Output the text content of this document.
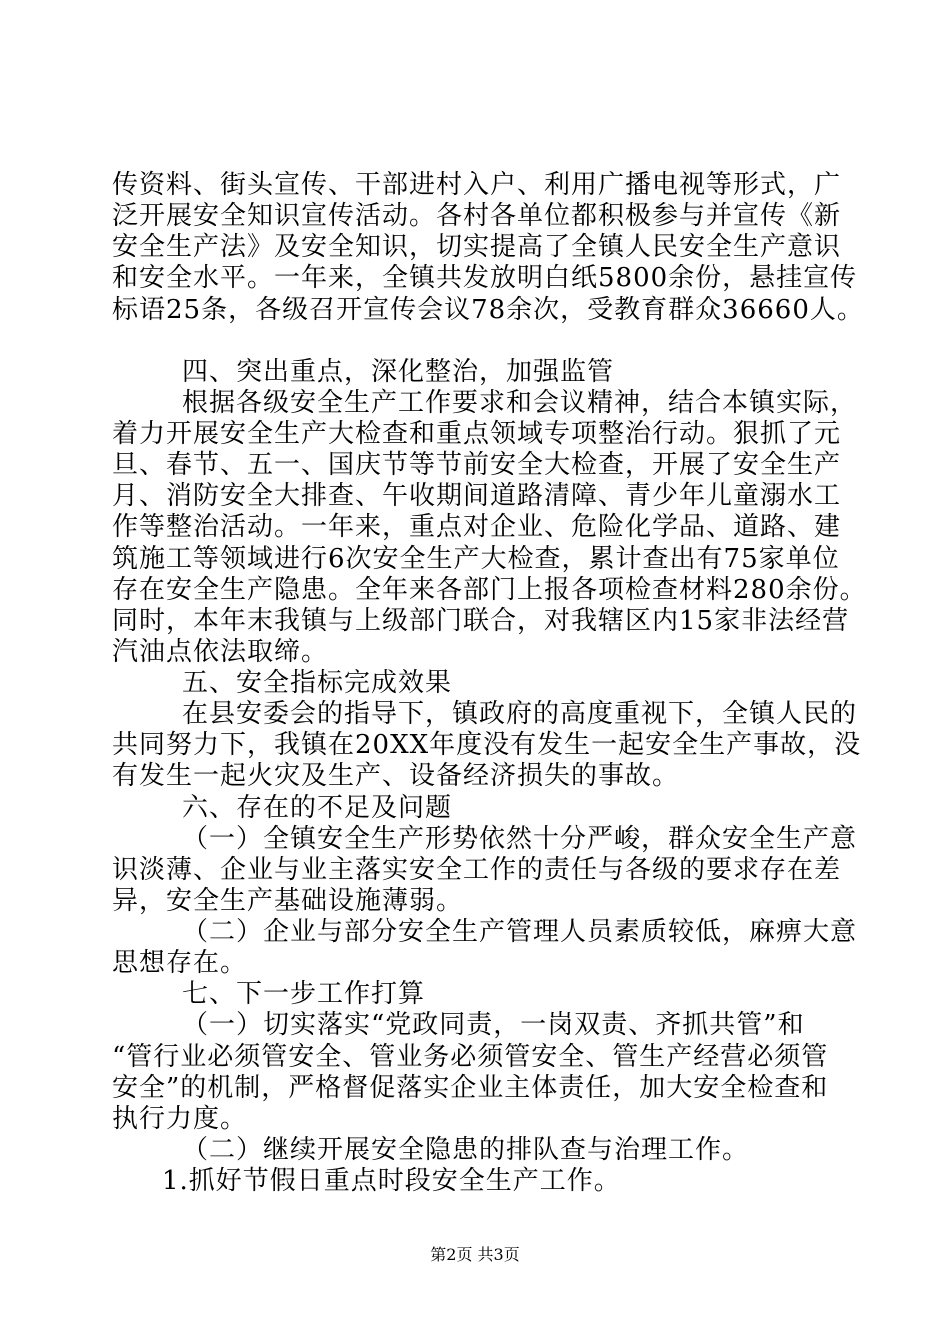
传资料、街头宣传、干部进村入户、利用广播电视等形式，广
泛开展安全知识宣传活动。各村各单位都积极参与并宣传《新
安全生产法》及安全知识，切实提高了全镇人民安全生产意识
和安全水平。一年来，全镇共发放明白纸5800余份，悬挂宣传
标语25条，各级召开宣传会议78余次，受教育群众36660人。
四、突出重点，深化整治，加强监管
根据各级安全生产工作要求和会议精神，结合本镇实际，
着力开展安全生产大检查和重点领域专项整治行动。狠抓了元
旦、春节、五一、国庆节等节前安全大检查，开展了安全生产
月、消防安全大排查、午收期间道路清障、青少年儿童溺水工
作等整治活动。一年来，重点对企业、危险化学品、道路、建
筑施工等领域进行6次安全生产大检查，累计查出有75家单位
存在安全生产隐患。全年来各部门上报各项检查材料280余份。
同时，本年末我镇与上级部门联合，对我辖区内15家非法经营
汽油点依法取缔。
五、安全指标完成效果
在县安委会的指导下，镇政府的高度重视下，全镇人民的
共同努力下，我镇在20XX年度没有发生一起安全生产事故，没
有发生一起火灾及生产、设备经济损失的事故。
六、存在的不足及问题
（一）全镇安全生产形势依然十分严峻，群众安全生产意
识淡薄、企业与业主落实安全工作的责任与各级的要求存在差
异，安全生产基础设施薄弱。
（二）企业与部分安全生产管理人员素质较低，麻痹大意
思想存在。
七、下一步工作打算
（一）切实落实“党政同责，一岗双责、齐抓共管”和
“管行业必须管安全、管业务必须管安全、管生产经营必须管
安全”的机制，严格督促落实企业主体责任，加大安全检查和
执行力度。
（二）继续开展安全隐患的排队查与治理工作。
1.抓好节假日重点时段安全生产工作。
第2页 共3页
